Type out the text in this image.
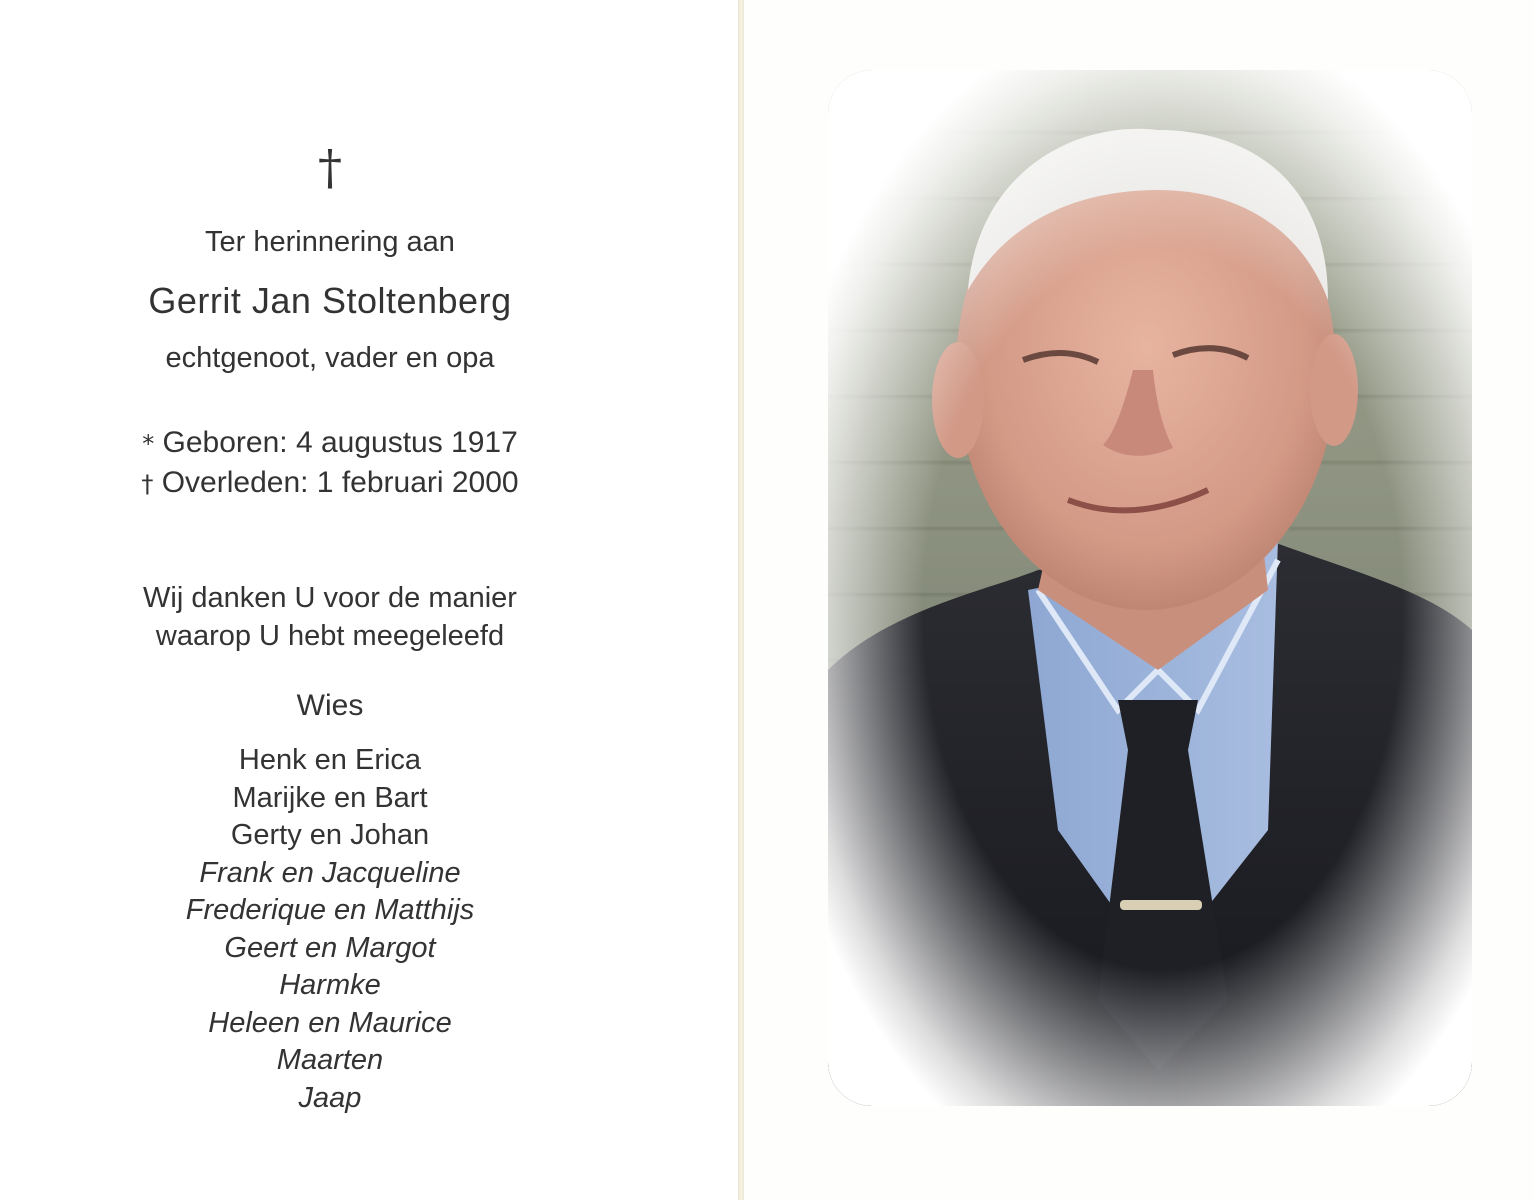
†
Ter herinnering aan
Gerrit Jan Stoltenberg
echtgenoot, vader en opa
* Geboren: 4 augustus 1917
† Overleden: 1 februari 2000
Wij danken U voor de manier
waarop U hebt meegeleefd
Wies
Henk en Erica
Marijke en Bart
Gerty en Johan
Frank en Jacqueline
Frederique en Matthijs
Geert en Margot
Harmke
Heleen en Maurice
Maarten
Jaap
